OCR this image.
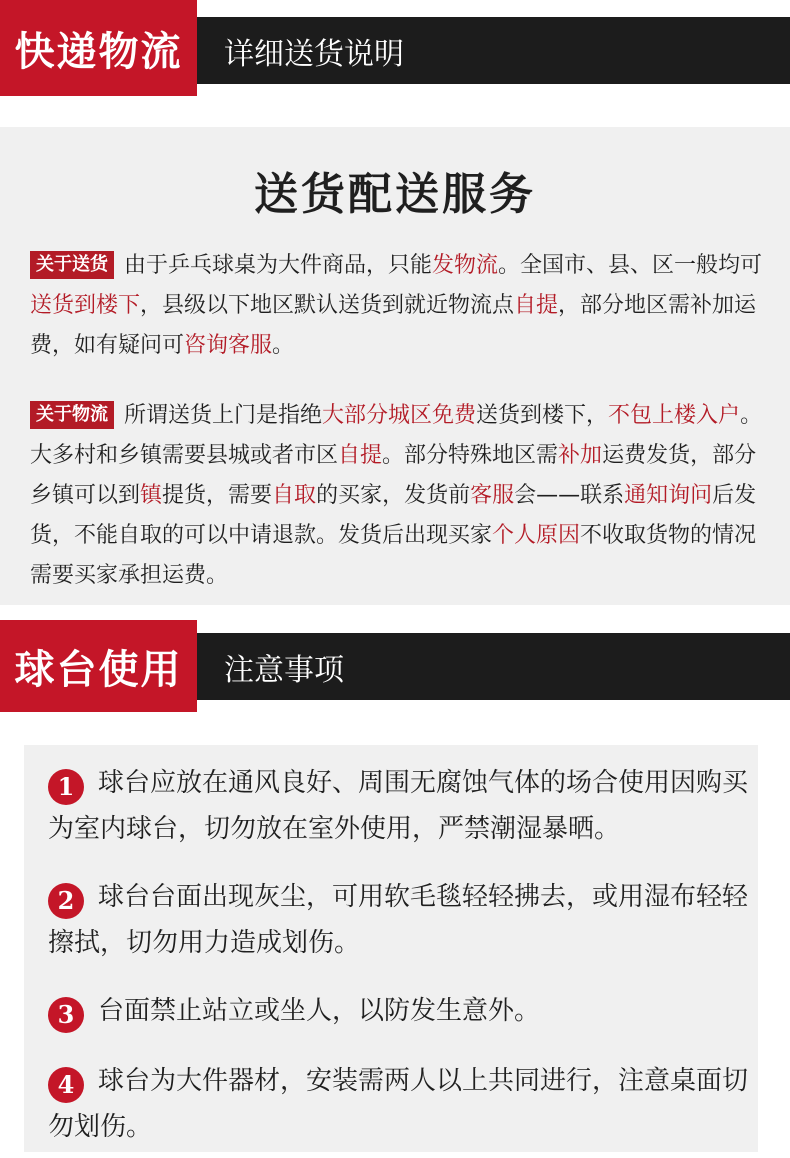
快递物流	详细送货说明
送货配送服务
关于送货 由于乒乓球桌为大件商品，只能发物流。全国市、县、区一般均可送货到楼下，县级以下地区默认送货到就近物流点自提，部分地区需补加运费，如有疑问可咨询客服。
关于物流 所谓送货上门是指绝大部分城区免费送货到楼下，不包上楼入户。大多村和乡镇需要县城或者市区自提。部分特殊地区需补加运费发货，部分乡镇可以到镇提货，需要自取的买家，发货前客服会——联系通知询问后发货，不能自取的可以中请退款。发货后出现买家个人原因不收取货物的情况需要买家承担运费。
球台使用	注意事项
1 球台应放在通风良好、周围无腐蚀气体的场合使用因购买为室内球台，切勿放在室外使用，严禁潮湿暴晒。
2 球台台面出现灰尘，可用软毛毯轻轻拂去，或用湿布轻轻擦拭，切勿用力造成划伤。
3 台面禁止站立或坐人，以防发生意外。
4 球台为大件器材，安装需两人以上共同进行，注意桌面切勿划伤。
